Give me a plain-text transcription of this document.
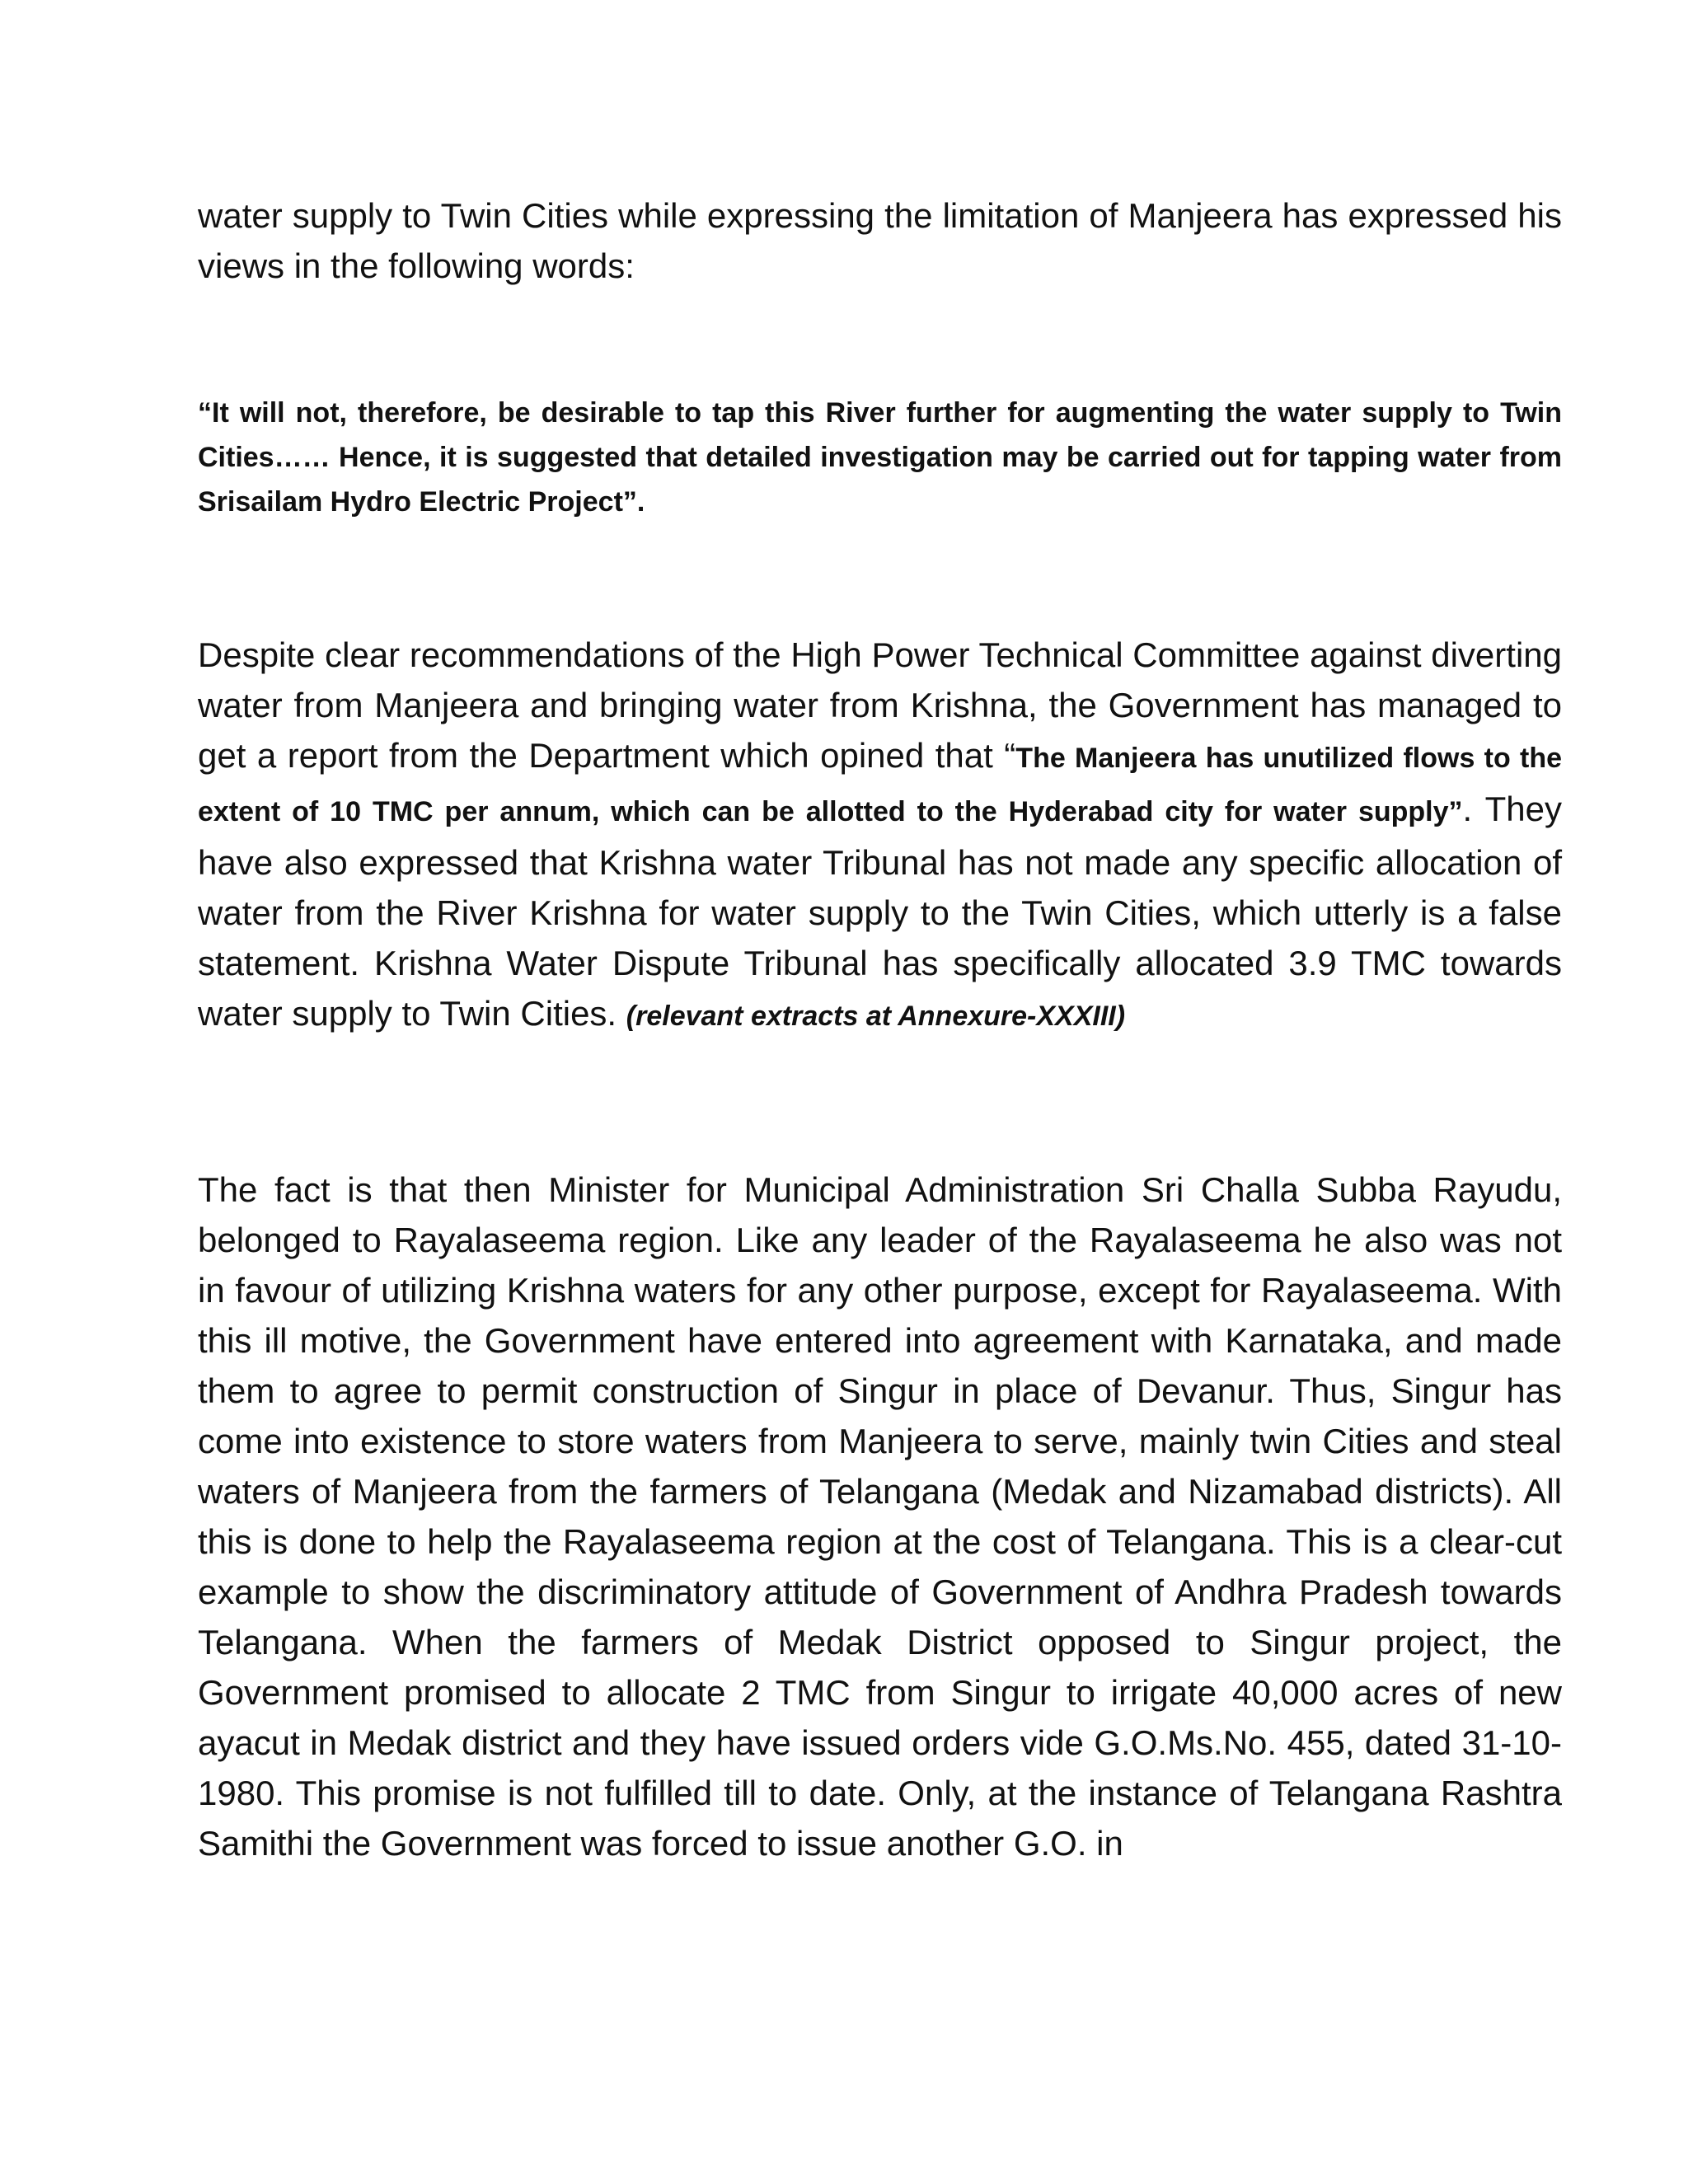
water supply to Twin Cities while expressing the limitation of Manjeera has expressed his views in the following words:

“It will not, therefore, be desirable to tap this River further for augmenting the water supply to Twin Cities…… Hence, it is suggested that detailed investigation may be carried out for tapping water from Srisailam Hydro Electric Project”.

Despite clear recommendations of the High Power Technical Committee against diverting water from Manjeera and bringing water from Krishna, the Government has managed to get a report from the Department which opined that “The Manjeera has unutilized flows to the extent of 10 TMC per annum, which can be allotted to the Hyderabad city for water supply”. They have also expressed that Krishna water Tribunal has not made any specific allocation of water from the River Krishna for water supply to the Twin Cities, which utterly is a false statement. Krishna Water Dispute Tribunal has specifically allocated 3.9 TMC towards water supply to Twin Cities. (relevant extracts at Annexure-XXXIII)

The fact is that then Minister for Municipal Administration Sri Challa Subba Rayudu, belonged to Rayalaseema region. Like any leader of the Rayalaseema he also was not in favour of utilizing Krishna waters for any other purpose, except for Rayalaseema. With this ill motive, the Government have entered into agreement with Karnataka, and made them to agree to permit construction of Singur in place of Devanur. Thus, Singur has come into existence to store waters from Manjeera to serve, mainly twin Cities and steal waters of Manjeera from the farmers of Telangana (Medak and Nizamabad districts). All this is done to help the Rayalaseema region at the cost of Telangana. This is a clear-cut example to show the discriminatory attitude of Government of Andhra Pradesh towards Telangana. When the farmers of Medak District opposed to Singur project, the Government promised to allocate 2 TMC from Singur to irrigate 40,000 acres of new ayacut in Medak district and they have issued orders vide G.O.Ms.No. 455, dated 31-10-1980. This promise is not fulfilled till to date. Only, at the instance of Telangana Rashtra Samithi the Government was forced to issue another G.O. in
